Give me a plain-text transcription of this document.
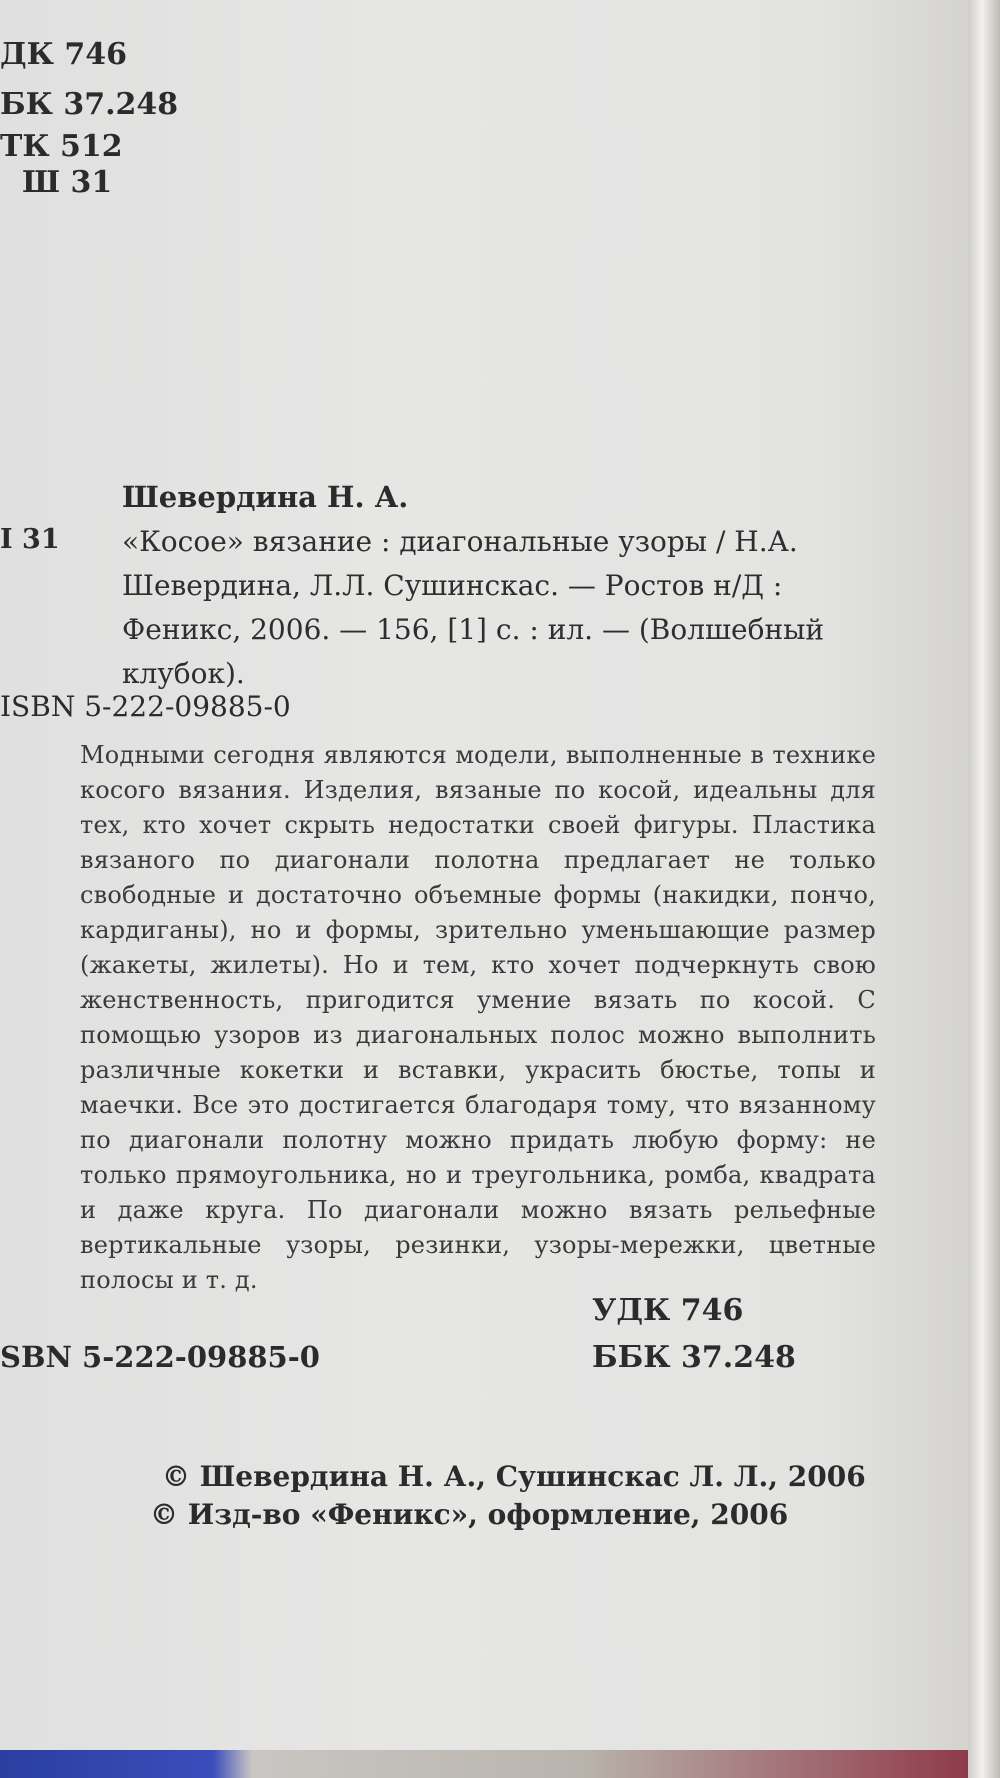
ДК 746
БК 37.248
ТК 512
Ш 31
Шевердина Н. А.
I 31 «Косое» вязание : диагональные узоры / Н.А. Шевердина, Л.Л. Сушинскас. — Ростов н/Д : Феникс, 2006. — 156, [1] с. : ил. — (Волшебный клубок).
ISBN 5-222-09885-0
Модными сегодня являются модели, выполненные в технике косого вязания. Изделия, вязаные по косой, идеальны для тех, кто хочет скрыть недостатки своей фигуры. Пластика вязаного по диагонали полотна предлагает не только свободные и достаточно объемные формы (накидки, пончо, кардиганы), но и формы, зрительно уменьшающие размер (жакеты, жилеты). Но и тем, кто хочет подчеркнуть свою женственность, пригодится умение вязать по косой. С помощью узоров из диагональных полос можно выполнить различные кокетки и вставки, украсить бюстье, топы и маечки. Все это достигается благодаря тому, что вязанному по диагонали полотну можно придать любую форму: не только прямоугольника, но и треугольника, ромба, квадрата и даже круга. По диагонали можно вязать рельефные вертикальные узоры, резинки, узоры-мережки, цветные полосы и т. д.
УДК 746
SBN 5-222-09885-0	ББК 37.248
© Шевердина Н. А., Сушинскас Л. Л., 2006
© Изд-во «Феникс», оформление, 2006
